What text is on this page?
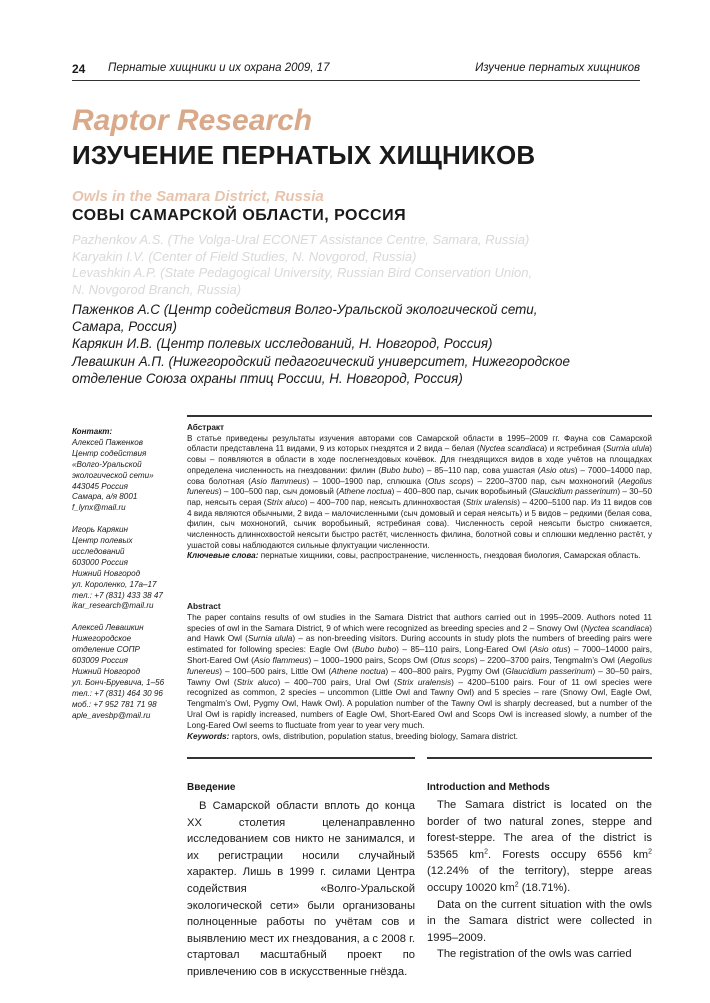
24 Пернатые хищники и их охрана 2009, 17	Изучение пернатых хищников
Raptor Research
ИЗУЧЕНИЕ ПЕРНАТЫХ ХИЩНИКОВ
Owls in the Samara District, Russia
СОВЫ САМАРСКОЙ ОБЛАСТИ, РОССИЯ
Pazhenkov A.S. (The Volga-Ural ECONET Assistance Centre, Samara, Russia)
Karyakin I.V. (Center of Field Studies, N. Novgorod, Russia)
Levashkin A.P. (State Pedagogical University, Russian Bird Conservation Union,
N. Novgorod Branch, Russia)
Паженков А.С (Центр содействия Волго-Уральской экологической сети,
Самара, Россия)
Карякин И.В. (Центр полевых исследований, Н. Новгород, Россия)
Левашкин А.П. (Нижегородский педагогический университет, Нижегородское
отделение Союза охраны птиц России, Н. Новгород, Россия)
Контакт:
Алексей Паженков
Центр содействия
«Волго-Уральской
экологической сети»
443045 Россия
Самара, а/я 8001
f_lynx@mail.ru
Игорь Карякин
Центр полевых
исследований
603000 Россия
Нижний Новгород
ул. Короленко, 17а–17
тел.: +7 (831) 433 38 47
ikar_research@mail.ru
Алексей Левашкин
Нижегородское
отделение СОПР
603009 Россия
Нижний Новгород
ул. Бонч-Бруевича, 1–56
тел.: +7 (831) 464 30 96
моб.: +7 952 781 71 98
aple_avesbp@mail.ru
Абстракт
В статье приведены результаты изучения авторами сов Самарской области в 1995–2009 гг. Фауна сов Самарской области представлена 11 видами, 9 из которых гнездятся и 2 вида – белая (Nyctea scandiaca) и ястребиная (Surnia ulula) совы – появляются в области в ходе послегнездовых кочёвок. Для гнездящихся видов в ходе учётов на площадках определена численность на гнездовании: филин (Bubo bubo) – 85–110 пар, сова ушастая (Asio otus) – 7000–14000 пар, сова болотная (Asio flammeus) – 1000–1900 пар, сплюшка (Otus scops) – 2200–3700 пар, сыч мохноногий (Aegolius funereus) – 100–500 пар, сыч домовый (Athene noctua) – 400–800 пар, сычик воробьиный (Glaucidium passerinum) – 30–50 пар, неясыть серая (Strix aluco) – 400–700 пар, неясыть длиннохвостая (Strix uralensis) – 4200–5100 пар. Из 11 видов сов 4 вида являются обычными, 2 вида – малочисленными (сыч домовый и серая неясыть) и 5 видов – редкими (белая сова, филин, сыч мохноногий, сычик воробьиный, ястребиная сова). Численность серой неясыти быстро снижается, численность длиннохвостой неясыти быстро растёт, численность филина, болотной совы и сплюшки медленно растёт, у ушастой совы наблюдаются сильные флуктуации численности.
Ключевые слова: пернатые хищники, совы, распространение, численность, гнездовая биология, Самарская область.
Abstract
The paper contains results of owl studies in the Samara District that authors carried out in 1995–2009. Authors noted 11 species of owl in the Samara District, 9 of which were recognized as breeding species and 2 – Snowy Owl (Nyctea scandiaca) and Hawk Owl (Surnia ulula) – as non-breeding visitors. During accounts in study plots the numbers of breeding pairs were estimated for following species: Eagle Owl (Bubo bubo) – 85–110 pairs, Long-Eared Owl (Asio otus) – 7000–14000 pairs, Short-Eared Owl (Asio flammeus) – 1000–1900 pairs, Scops Owl (Otus scops) – 2200–3700 pairs, Tengmalm’s Owl (Aegolius funereus) – 100–500 pairs, Little Owl (Athene noctua) – 400–800 pairs, Pygmy Owl (Glaucidium passerinum) – 30–50 pairs, Tawny Owl (Strix aluco) – 400–700 pairs, Ural Owl (Strix uralensis) – 4200–5100 pairs. Four of 11 owl species were recognized as common, 2 species – uncommon (Little Owl and Tawny Owl) and 5 species – rare (Snowy Owl, Eagle Owl, Tengmalm’s Owl, Pygmy Owl, Hawk Owl). A population number of the Tawny Owl is sharply decreased, but a number of the Ural Owl is rapidly increased, numbers of Eagle Owl, Short-Eared Owl and Scops Owl is increased slowly, a number of the Long-Eared Owl seems to fluctuate from year to year very much.
Keywords: raptors, owls, distribution, population status, breeding biology, Samara district.
Введение
В Самарской области вплоть до конца XX столетия целенаправленно исследованием сов никто не занимался, и их регистрации носили случайный характер. Лишь в 1999 г. силами Центра содействия «Волго-Уральской экологической сети» были организованы полноценные работы по учётам сов и выявлению мест их гнездования, а с 2008 г. стартовал масштабный проект по привлечению сов в искусственные гнёзда.
Introduction and Methods

The Samara district is located on the border of two natural zones, steppe and forest-steppe. The area of the district is 53565 $km^2$. Forests occupy 6556 $km^2$ (12.24% of the territory), steppe areas occupy 10020 $km^2$ (18.71%).

Data on the current situation with the owls in the Samara district were collected in 1995–2009.

The registration of the owls was carried
